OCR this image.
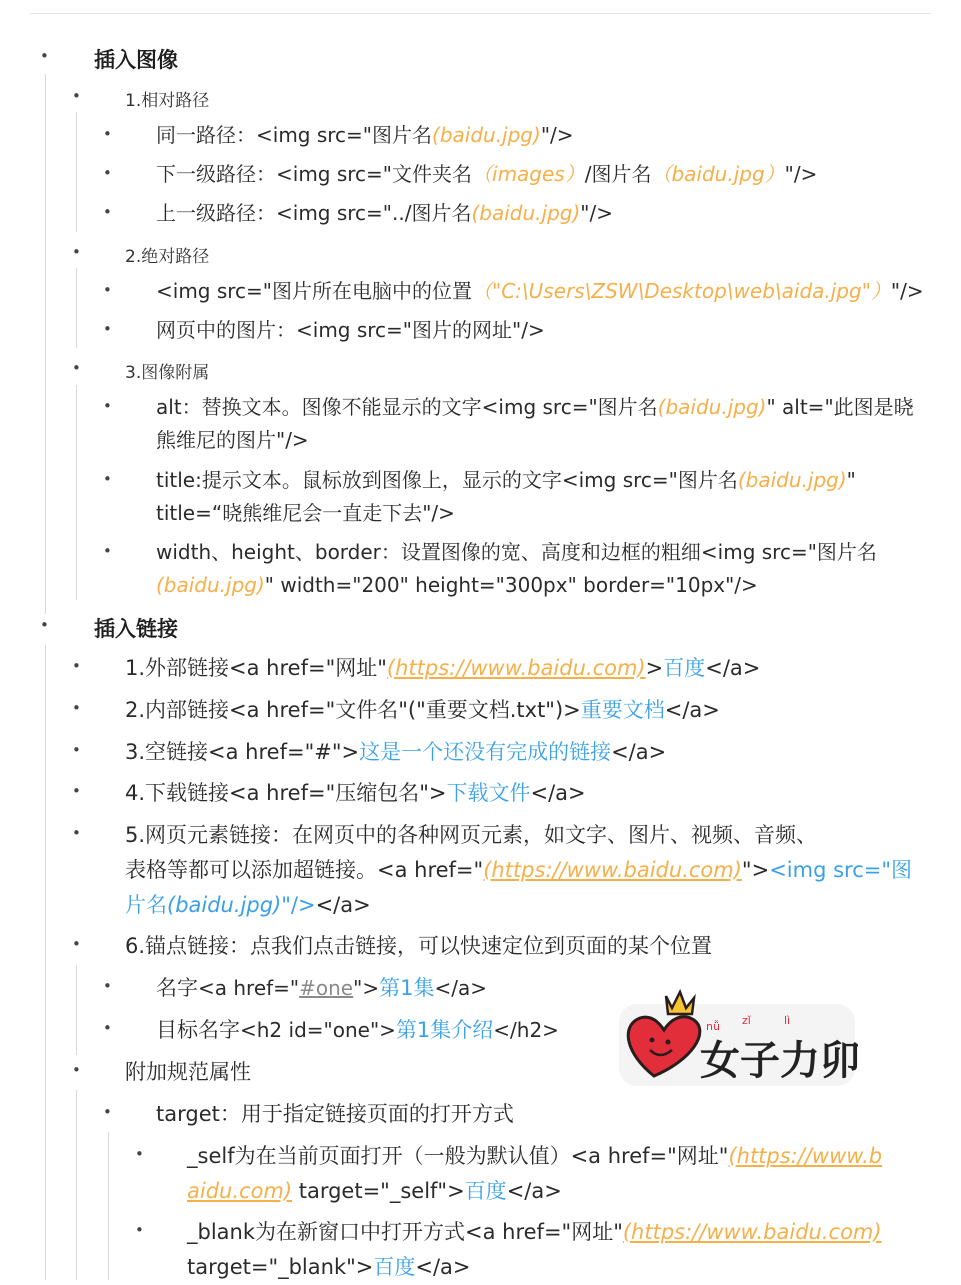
• 插入图像
•	1.相对路径
• 同一路径：<img src="图片名(baidu.jpg)"/>
• 下一级路径：<img src="文件夹名（images）/图片名（baidu.jpg）"/>
• 上一级路径：<img src="../图片名(baidu.jpg)"/>
•	2.绝对路径
• <img src="图片所在电脑中的位置（"C:\Users\ZSW\Desktop\web\aida.jpg"）"/>
• 网页中的图片：<img src="图片的网址"/>
•	3.图像附属
• alt：替换文本。图像不能显示的文字<img src="图片名(baidu.jpg)" alt="此图是晓
熊维尼的图片"/>
• title:提示文本。鼠标放到图像上，显示的文字<img src="图片名(baidu.jpg)"
title=“晓熊维尼会一直走下去"/>
• width、height、border：设置图像的宽、高度和边框的粗细<img src="图片名
(baidu.jpg)" width="200" height="300px" border="10px"/>
• 插入链接
• 1.外部链接<a href="网址"(https://www.baidu.com)>百度</a>
• 2.内部链接<a href="文件名"("重要文档.txt")>重要文档</a>
• 3.空链接<a href="#">这是一个还没有完成的链接</a>
• 4.下载链接<a href="压缩包名">下载文件</a>
• 5.网页元素链接：在网页中的各种网页元素，如文字、图片、视频、音频、
表格等都可以添加超链接。<a href="(https://www.baidu.com)"><img src="图
片名(baidu.jpg)"/></a>
• 6.锚点链接：点我们点击链接，可以快速定位到页面的某个位置
• 名字<a href="#one">第1集</a>
• 目标名字<h2 id="one">第1集介绍</h2>
• 附加规范属性
• target：用于指定链接页面的打开方式
• _self为在当前页面打开（一般为默认值）<a href="网址"(https://www.b
aidu.com) target="_self">百度</a>
• _blank为在新窗口中打开方式<a href="网址"(https://www.baidu.com)
target="_blank">百度</a>
nǚ zǐ	lì
女子力卯
